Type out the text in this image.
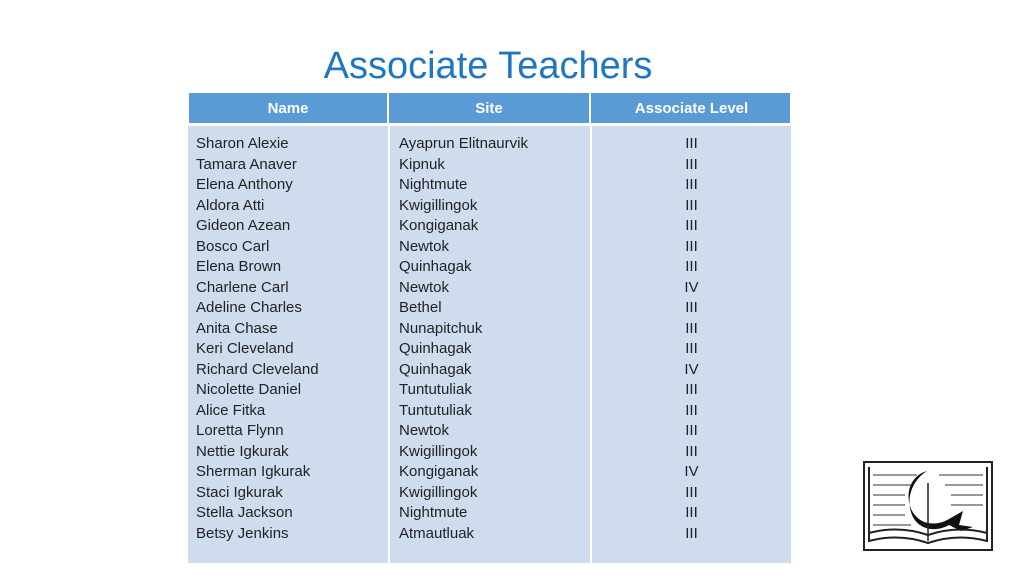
Associate Teachers
Name	Site	Associate Level
Sharon Alexie
Tamara Anaver
Elena Anthony
Aldora Atti
Gideon Azean
Bosco Carl
Elena Brown
Charlene Carl
Adeline Charles
Anita Chase
Keri Cleveland
Richard Cleveland
Nicolette Daniel
Alice Fitka
Loretta Flynn
Nettie Igkurak
Sherman Igkurak
Staci Igkurak
Stella Jackson
Betsy Jenkins
Ayaprun Elitnaurvik
Kipnuk
Nightmute
Kwigillingok
Kongiganak
Newtok
Quinhagak
Newtok
Bethel
Nunapitchuk
Quinhagak
Quinhagak
Tuntutuliak
Tuntutuliak
Newtok
Kwigillingok
Kongiganak
Kwigillingok
Nightmute
Atmautluak
III
III
III
III
III
III
III
IV
III
III
III
IV
III
III
III
III
IV
III
III
III
